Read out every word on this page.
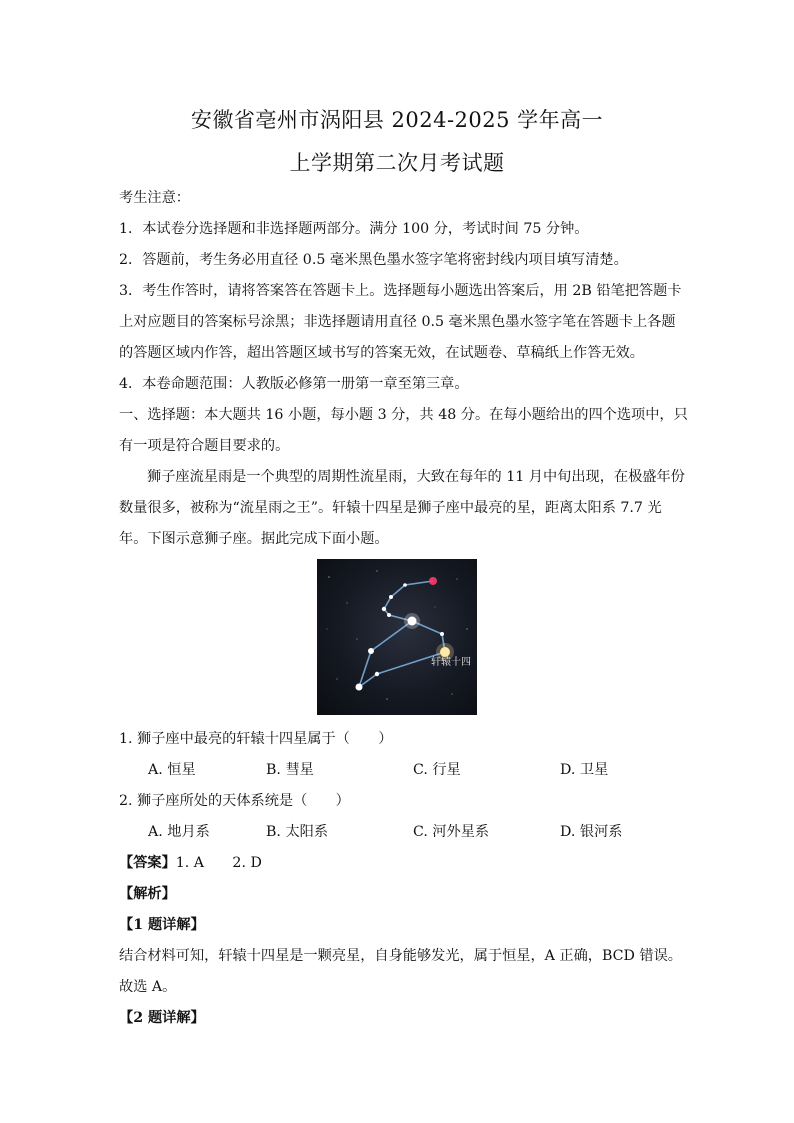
安徽省亳州市涡阳县 2024-2025 学年高一
上学期第二次月考试题
考生注意：
1．本试卷分选择题和非选择题两部分。满分 100 分，考试时间 75 分钟。
2．答题前，考生务必用直径 0.5 毫米黑色墨水签字笔将密封线内项目填写清楚。
3．考生作答时，请将答案答在答题卡上。选择题每小题选出答案后，用 2B 铅笔把答题卡
上对应题目的答案标号涂黑；非选择题请用直径 0.5 毫米黑色墨水签字笔在答题卡上各题
的答题区域内作答，超出答题区域书写的答案无效，在试题卷、草稿纸上作答无效。
4．本卷命题范围：人教版必修第一册第一章至第三章。
一、选择题：本大题共 16 小题，每小题 3 分，共 48 分。在每小题给出的四个选项中，只
有一项是符合题目要求的。
狮子座流星雨是一个典型的周期性流星雨，大致在每年的 11 月中旬出现，在极盛年份
数量很多，被称为“流星雨之王”。轩辕十四星是狮子座中最亮的星，距离太阳系 7.7 光
年。下图示意狮子座。据此完成下面小题。
轩辕十四
1. 狮子座中最亮的轩辕十四星属于（　　）
A. 恒星	B. 彗星	C. 行星	D. 卫星
2. 狮子座所处的天体系统是（　　）
A. 地月系	B. 太阳系	C. 河外星系	D. 银河系
【答案】1. A　　2. D
【解析】
【1 题详解】
结合材料可知，轩辕十四星是一颗亮星，自身能够发光，属于恒星，A 正确，BCD 错误。
故选 A。
【2 题详解】
